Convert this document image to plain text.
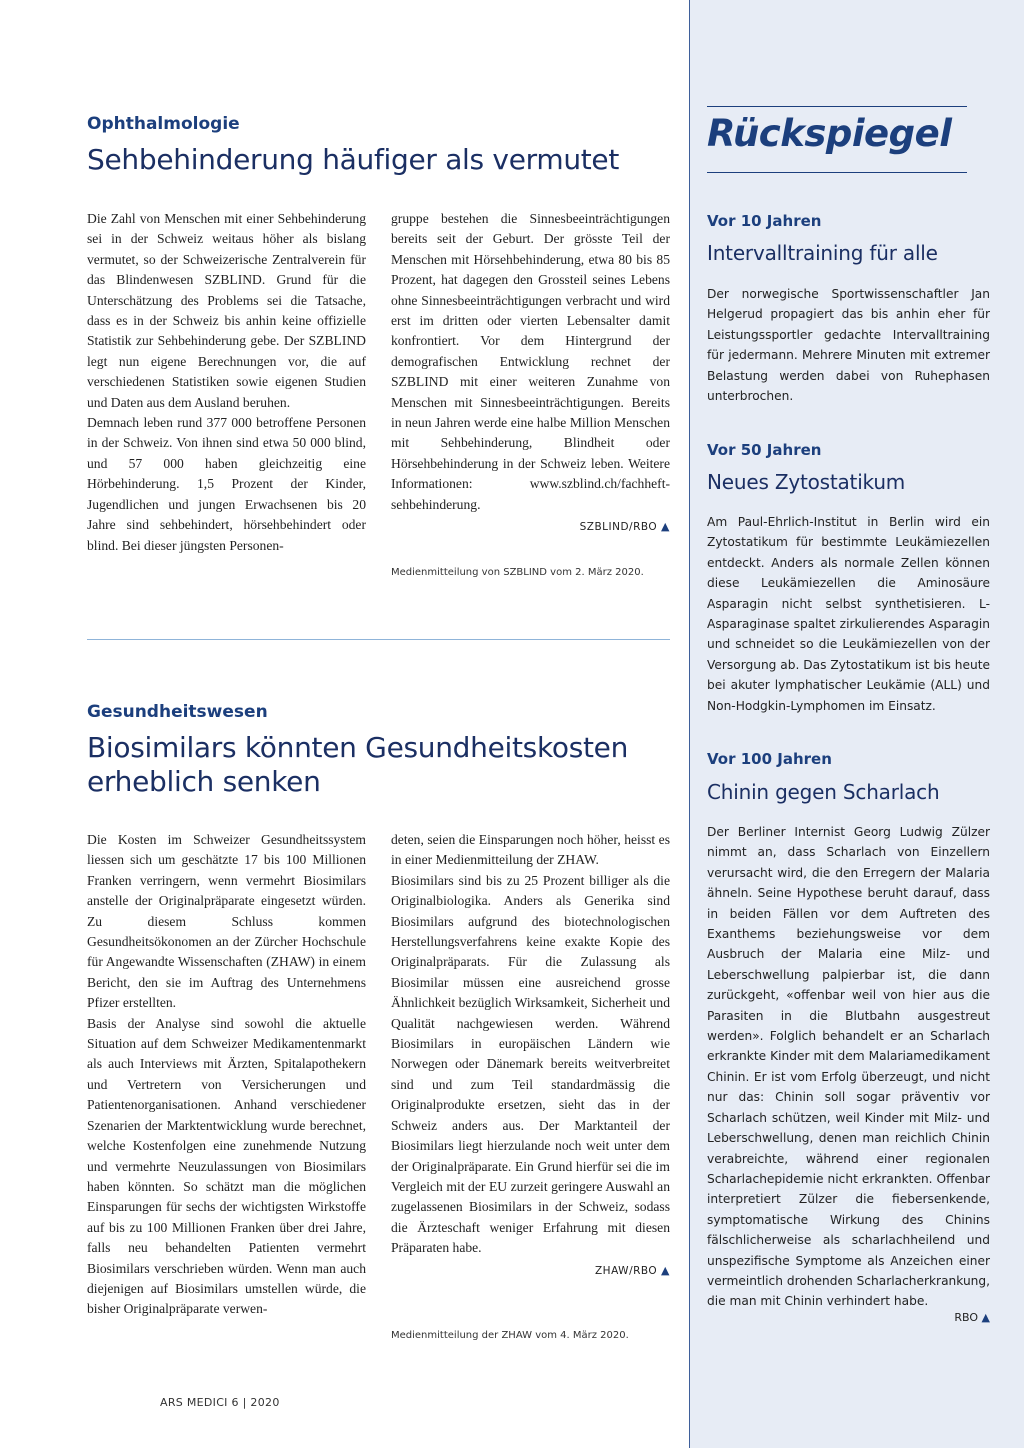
Ophthalmologie
Sehbehinderung häufiger als vermutet

Die Zahl von Menschen mit einer Sehbehinderung sei in der Schweiz weitaus höher als bislang vermutet, so der Schweizerische Zentralverein für das Blindenwesen SZBLIND. Grund für die Unterschätzung des Problems sei die Tatsache, dass es in der Schweiz bis anhin keine offizielle Statistik zur Sehbehinderung gebe. Der SZBLIND legt nun eigene Berechnungen vor, die auf verschiedenen Statistiken sowie eigenen Studien und Daten aus dem Ausland beruhen.

Demnach leben rund 377 000 betroffene Personen in der Schweiz. Von ihnen sind etwa 50 000 blind, und 57 000 haben gleichzeitig eine Hörbehinderung. 1,5 Prozent der Kinder, Jugendlichen und jungen Erwachsenen bis 20 Jahre sind sehbehindert, hörsehbehindert oder blind. Bei dieser jüngsten Personen-

gruppe bestehen die Sinnesbeeinträchtigungen bereits seit der Geburt. Der grösste Teil der Menschen mit Hörsehbehinderung, etwa 80 bis 85 Prozent, hat dagegen den Grossteil seines Lebens ohne Sinnesbeeinträchtigungen verbracht und wird erst im dritten oder vierten Lebensalter damit konfrontiert. Vor dem Hintergrund der demografischen Entwicklung rechnet der SZBLIND mit einer weiteren Zunahme von Menschen mit Sinnesbeeinträchtigungen. Bereits in neun Jahren werde eine halbe Million Menschen mit Sehbehinderung, Blindheit oder Hörsehbehinderung in der Schweiz leben. Weitere Informationen: www.szblind.ch/fachheft-sehbehinderung.

SZBLIND/RBO ▲
Medienmitteilung von SZBLIND vom 2. März 2020.
Gesundheitswesen
Biosimilars könnten Gesundheitskosten erheblich senken

Die Kosten im Schweizer Gesundheitssystem liessen sich um geschätzte 17 bis 100 Millionen Franken verringern, wenn vermehrt Biosimilars anstelle der Originalpräparate eingesetzt würden. Zu diesem Schluss kommen Gesundheitsökonomen an der Zürcher Hochschule für Angewandte Wissenschaften (ZHAW) in einem Bericht, den sie im Auftrag des Unternehmens Pfizer erstellten.

Basis der Analyse sind sowohl die aktuelle Situation auf dem Schweizer Medikamentenmarkt als auch Interviews mit Ärzten, Spitalapothekern und Vertretern von Versicherungen und Patientenorganisationen. Anhand verschiedener Szenarien der Marktentwicklung wurde berechnet, welche Kostenfolgen eine zunehmende Nutzung und vermehrte Neuzulassungen von Biosimilars haben könnten. So schätzt man die möglichen Einsparungen für sechs der wichtigsten Wirkstoffe auf bis zu 100 Millionen Franken über drei Jahre, falls neu behandelten Patienten vermehrt Biosimilars verschrieben würden. Wenn man auch diejenigen auf Biosimilars umstellen würde, die bisher Originalpräparate verwen-

deten, seien die Einsparungen noch höher, heisst es in einer Medienmitteilung der ZHAW.

Biosimilars sind bis zu 25 Prozent billiger als die Originalbiologika. Anders als Generika sind Biosimilars aufgrund des biotechnologischen Herstellungsverfahrens keine exakte Kopie des Originalpräparats. Für die Zulassung als Biosimilar müssen eine ausreichend grosse Ähnlichkeit bezüglich Wirksamkeit, Sicherheit und Qualität nachgewiesen werden. Während Biosimilars in europäischen Ländern wie Norwegen oder Dänemark bereits weitverbreitet sind und zum Teil standardmässig die Originalprodukte ersetzen, sieht das in der Schweiz anders aus. Der Marktanteil der Biosimilars liegt hierzulande noch weit unter dem der Originalpräparate. Ein Grund hierfür sei die im Vergleich mit der EU zurzeit geringere Auswahl an zugelassenen Biosimilars in der Schweiz, sodass die Ärzteschaft weniger Erfahrung mit diesen Präparaten habe.

ZHAW/RBO ▲
Medienmitteilung der ZHAW vom 4. März 2020.
Rückspiegel
Vor 10 Jahren
Intervalltraining für alle

Der norwegische Sportwissenschaftler Jan Helgerud propagiert das bis anhin eher für Leistungssportler gedachte Intervalltraining für jedermann. Mehrere Minuten mit extremer Belastung werden dabei von Ruhephasen unterbrochen.

Vor 50 Jahren
Neues Zytostatikum

Am Paul-Ehrlich-Institut in Berlin wird ein Zytostatikum für bestimmte Leukämiezellen entdeckt. Anders als normale Zellen können diese Leukämiezellen die Aminosäure Asparagin nicht selbst synthetisieren. L-Asparaginase spaltet zirkulierendes Asparagin und schneidet so die Leukämiezellen von der Versorgung ab. Das Zytostatikum ist bis heute bei akuter lymphatischer Leukämie (ALL) und Non-Hodgkin-Lymphomen im Einsatz.

Vor 100 Jahren
Chinin gegen Scharlach

Der Berliner Internist Georg Ludwig Zülzer nimmt an, dass Scharlach von Einzellern verursacht wird, die den Erregern der Malaria ähneln. Seine Hypothese beruht darauf, dass in beiden Fällen vor dem Auftreten des Exanthems beziehungsweise vor dem Ausbruch der Malaria eine Milz- und Leberschwellung palpierbar ist, die dann zurückgeht, «offenbar weil von hier aus die Parasiten in die Blutbahn ausgestreut werden». Folglich behandelt er an Scharlach erkrankte Kinder mit dem Malariamedikament Chinin. Er ist vom Erfolg überzeugt, und nicht nur das: Chinin soll sogar präventiv vor Scharlach schützen, weil Kinder mit Milz- und Leberschwellung, denen man reichlich Chinin verabreichte, während einer regionalen Scharlachepidemie nicht erkrankten. Offenbar interpretiert Zülzer die fiebersenkende, symptomatische Wirkung des Chinins fälschlicherweise als scharlachheilend und unspezifische Symptome als Anzeichen einer vermeintlich drohenden Scharlacherkrankung, die man mit Chinin verhindert habe.

RBO ▲
ARS MEDICI 6 | 2020
